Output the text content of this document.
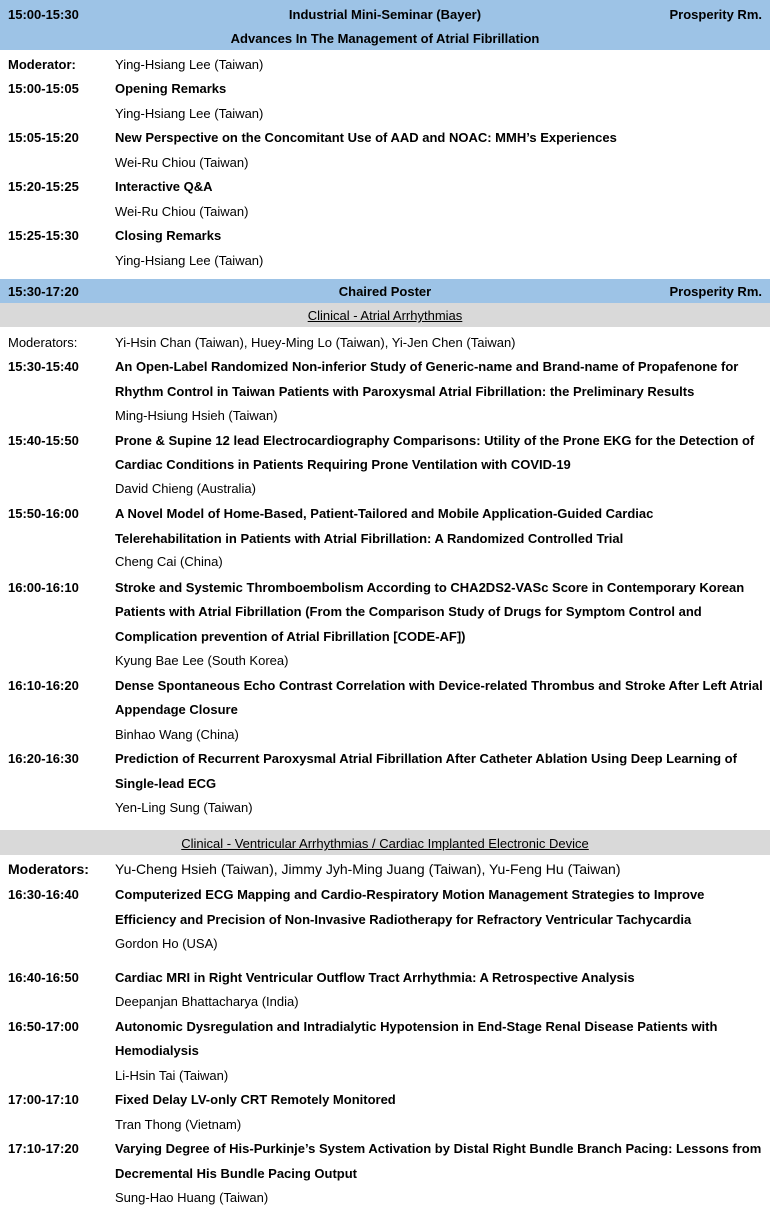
15:00-15:30	Industrial Mini-Seminar (Bayer)	Prosperity Rm.
Advances In The Management of Atrial Fibrillation
Moderator:	Ying-Hsiang Lee (Taiwan)
15:00-15:05	Opening Remarks
Ying-Hsiang Lee (Taiwan)
15:05-15:20	New Perspective on the Concomitant Use of AAD and NOAC: MMH’s Experiences
Wei-Ru Chiou (Taiwan)
15:20-15:25	Interactive Q&A
Wei-Ru Chiou (Taiwan)
15:25-15:30	Closing Remarks
Ying-Hsiang Lee (Taiwan)
15:30-17:20	Chaired Poster	Prosperity Rm.
Clinical - Atrial Arrhythmias
Moderators:	Yi-Hsin Chan (Taiwan), Huey-Ming Lo (Taiwan), Yi-Jen Chen (Taiwan)
15:30-15:40	An Open-Label Randomized Non-inferior Study of Generic-name and Brand-name of Propafenone for
Rhythm Control in Taiwan Patients with Paroxysmal Atrial Fibrillation: the Preliminary Results
Ming-Hsiung Hsieh (Taiwan)
15:40-15:50	Prone & Supine 12 lead Electrocardiography Comparisons: Utility of the Prone EKG for the Detection of
Cardiac Conditions in Patients Requiring Prone Ventilation with COVID-19
David Chieng (Australia)
15:50-16:00	A Novel Model of Home-Based, Patient-Tailored and Mobile Application-Guided Cardiac
Telerehabilitation in Patients with Atrial Fibrillation: A Randomized Controlled Trial
Cheng Cai (China)
16:00-16:10	Stroke and Systemic Thromboembolism According to CHA2DS2-VASc Score in Contemporary Korean
Patients with Atrial Fibrillation (From the Comparison Study of Drugs for Symptom Control and
Complication prevention of Atrial Fibrillation [CODE-AF])
Kyung Bae Lee (South Korea)
16:10-16:20	Dense Spontaneous Echo Contrast Correlation with Device-related Thrombus and Stroke After Left Atrial
Appendage Closure
Binhao Wang (China)
16:20-16:30	Prediction of Recurrent Paroxysmal Atrial Fibrillation After Catheter Ablation Using Deep Learning of
Single-lead ECG
Yen-Ling Sung (Taiwan)
Clinical - Ventricular Arrhythmias / Cardiac Implanted Electronic Device
Moderators: Yu-Cheng Hsieh (Taiwan), Jimmy Jyh-Ming Juang (Taiwan), Yu-Feng Hu (Taiwan)
16:30-16:40	Computerized ECG Mapping and Cardio-Respiratory Motion Management Strategies to Improve
Efficiency and Precision of Non-Invasive Radiotherapy for Refractory Ventricular Tachycardia
Gordon Ho (USA)
16:40-16:50	Cardiac MRI in Right Ventricular Outflow Tract Arrhythmia: A Retrospective Analysis
Deepanjan Bhattacharya (India)
16:50-17:00	Autonomic Dysregulation and Intradialytic Hypotension in End-Stage Renal Disease Patients with
Hemodialysis
Li-Hsin Tai (Taiwan)
17:00-17:10	Fixed Delay LV-only CRT Remotely Monitored
Tran Thong (Vietnam)
17:10-17:20	Varying Degree of His-Purkinje’s System Activation by Distal Right Bundle Branch Pacing: Lessons from
Decremental His Bundle Pacing Output
Sung-Hao Huang (Taiwan)
